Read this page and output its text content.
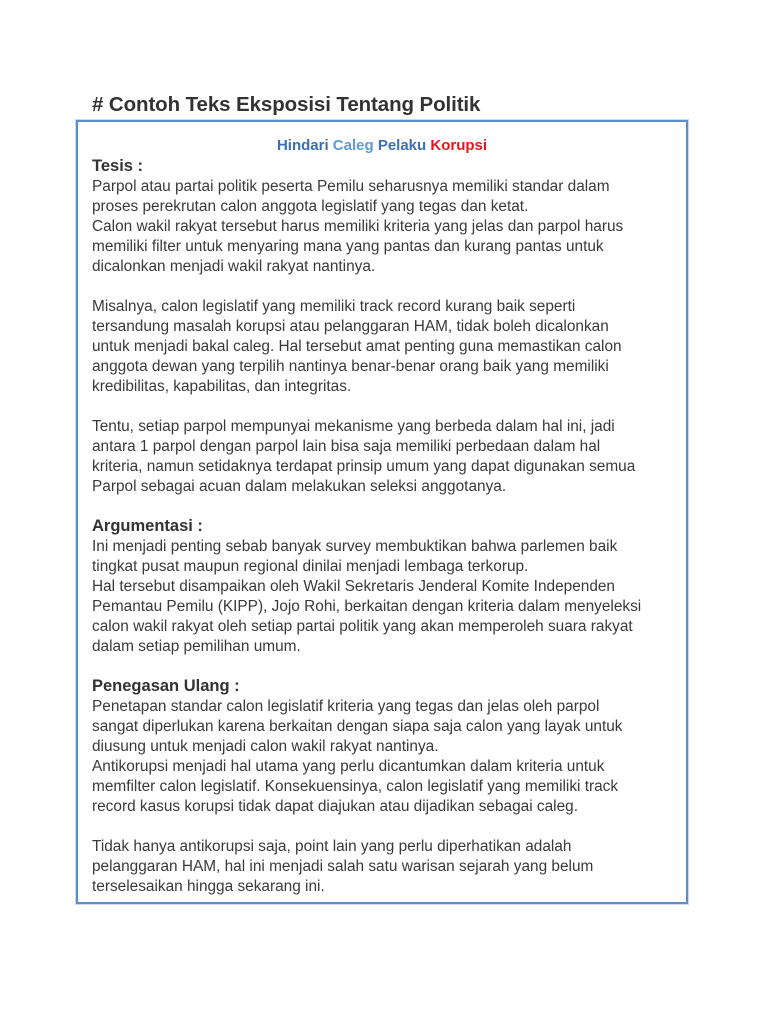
# Contoh Teks Eksposisi Tentang Politik
Hindari Caleg Pelaku Korupsi
Tesis :
Parpol atau partai politik peserta Pemilu seharusnya memiliki standar dalam
proses perekrutan calon anggota legislatif yang tegas dan ketat.
Calon wakil rakyat tersebut harus memiliki kriteria yang jelas dan parpol harus
memiliki filter untuk menyaring mana yang pantas dan kurang pantas untuk
dicalonkan menjadi wakil rakyat nantinya.
Misalnya, calon legislatif yang memiliki track record kurang baik seperti
tersandung masalah korupsi atau pelanggaran HAM, tidak boleh dicalonkan
untuk menjadi bakal caleg. Hal tersebut amat penting guna memastikan calon
anggota dewan yang terpilih nantinya benar-benar orang baik yang memiliki
kredibilitas, kapabilitas, dan integritas.
Tentu, setiap parpol mempunyai mekanisme yang berbeda dalam hal ini, jadi
antara 1 parpol dengan parpol lain bisa saja memiliki perbedaan dalam hal
kriteria, namun setidaknya terdapat prinsip umum yang dapat digunakan semua
Parpol sebagai acuan dalam melakukan seleksi anggotanya.
Argumentasi :
Ini menjadi penting sebab banyak survey membuktikan bahwa parlemen baik
tingkat pusat maupun regional dinilai menjadi lembaga terkorup.
Hal tersebut disampaikan oleh Wakil Sekretaris Jenderal Komite Independen
Pemantau Pemilu (KIPP), Jojo Rohi, berkaitan dengan kriteria dalam menyeleksi
calon wakil rakyat oleh setiap partai politik yang akan memperoleh suara rakyat
dalam setiap pemilihan umum.
Penegasan Ulang :
Penetapan standar calon legislatif kriteria yang tegas dan jelas oleh parpol
sangat diperlukan karena berkaitan dengan siapa saja calon yang layak untuk
diusung untuk menjadi calon wakil rakyat nantinya.
Antikorupsi menjadi hal utama yang perlu dicantumkan dalam kriteria untuk
memfilter calon legislatif. Konsekuensinya, calon legislatif yang memiliki track
record kasus korupsi tidak dapat diajukan atau dijadikan sebagai caleg.
Tidak hanya antikorupsi saja, point lain yang perlu diperhatikan adalah
pelanggaran HAM, hal ini menjadi salah satu warisan sejarah yang belum
terselesaikan hingga sekarang ini.
